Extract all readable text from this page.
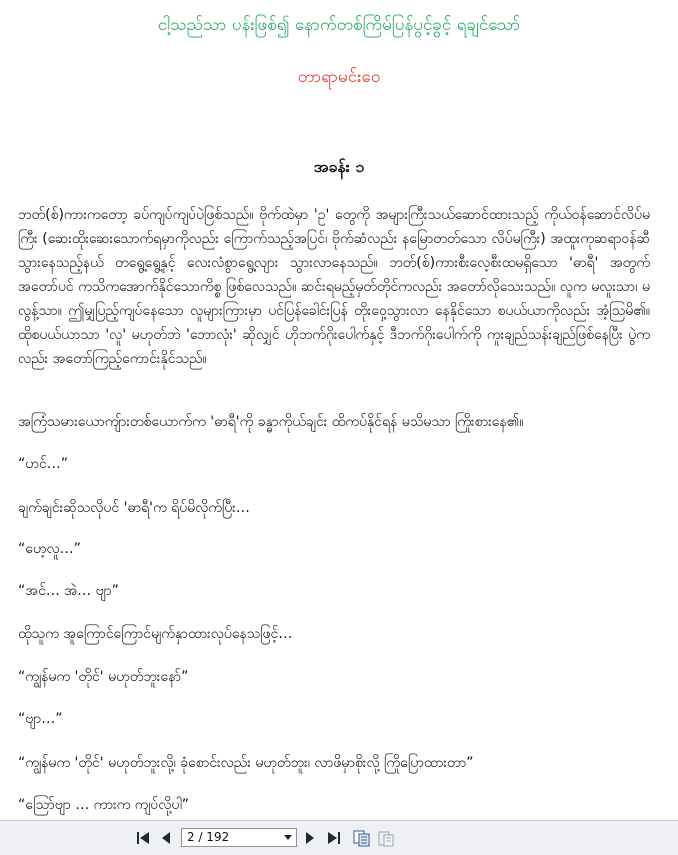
ငါ့သည်သာ ပန်းဖြစ်၍ နောက်တစ်ကြိမ်ပြန်ပွင့်ခွင့် ရချင်သော်
တာရာမင်းဝေ
အခန်း ၁
ဘတ်(စ်)ကားကတော့ ခပ်ကျပ်ကျပ်ပဲဖြစ်သည်။ ဗိုက်ထဲမှာ 'ဥ' တွေကို အများကြီးသယ်ဆောင်ထားသည့် ကိုယ်ဝန်ဆောင်လိပ်မကြီး (ဆေးထိုးဆေးသောက်ရမှာကိုလည်း ကြောက်သည့်အပြင်၊ ဗိုက်ဆံလည်း နမြောတတ်သော လိပ်မကြီး) အထူးကုဆရာဝန်ဆီ သွားနေသည့်နယ် တရွေ့ရွေ့နှင့် လေးလံစွာရွေ့လျား သွားလာနေသည်။ ဘတ်(စ်)ကားစီးလေ့စီးထမရှိသော 'ဓာရီ' အတွက် အတော်ပင် ကသိကအောက်နိုင်သောကိစ္စ ဖြစ်လေသည်။ ဆင်းရမည့်မှတ်တိုင်ကလည်း အတော်လိုသေးသည်။ လူက မလူးသာ၊ မလွန့်သာ။ ဤမျှပြည့်ကျပ်နေသော လူများကြားမှာ ပင်ပြန်ခေါင်းပြန် တိုးဝှေ့သွားလာ နေနိုင်သော စပယ်ယာကိုလည်း အံ့ဩမိ၏။ ထိုစပယ်ယာသာ 'လူ' မဟုတ်ဘဲ 'ဘောလုံး' ဆိုလျှင် ဟိုဘက်ဂိုးပေါက်နှင့် ဒီဘက်ဂိုးပေါက်ကို ကူးချည်သန်းချည်ဖြစ်နေပြီး ပွဲကလည်း အတော်ကြည့်ကောင်းနိုင်သည်။
အကြံသမားယောကျ်ားတစ်ယောက်က 'ဓာရီ'ကို ခန္ဓာကိုယ်ချင်း ထိကပ်နိုင်ရန် မသိမသာ ကြိုးစားနေ၏။
“ဟင်…”
ချက်ချင်းဆိုသလိုပင် 'ဓာရီ'က ရိပ်မိလိုက်ပြီး…
“ဟေ့လူ…”
“အင်… အဲ… ဗျာ”
ထိုသူက အူကြောင်ကြောင်မျက်နှာထားလုပ်နေသဖြင့်…
“ကျွန်မက 'တိုင်' မဟုတ်ဘူးနော်”
“ဗျာ…”
“ကျွန်မက 'တိုင်' မဟုတ်ဘူးလို့၊ ခုံစောင်းလည်း မဟုတ်ဘူး၊ လာဖိမှာစိုးလို့ ကြိုပြောထားတာ”
“သြော်ဗျာ … ကားက ကျပ်လို့ပါ”
2 / 192
